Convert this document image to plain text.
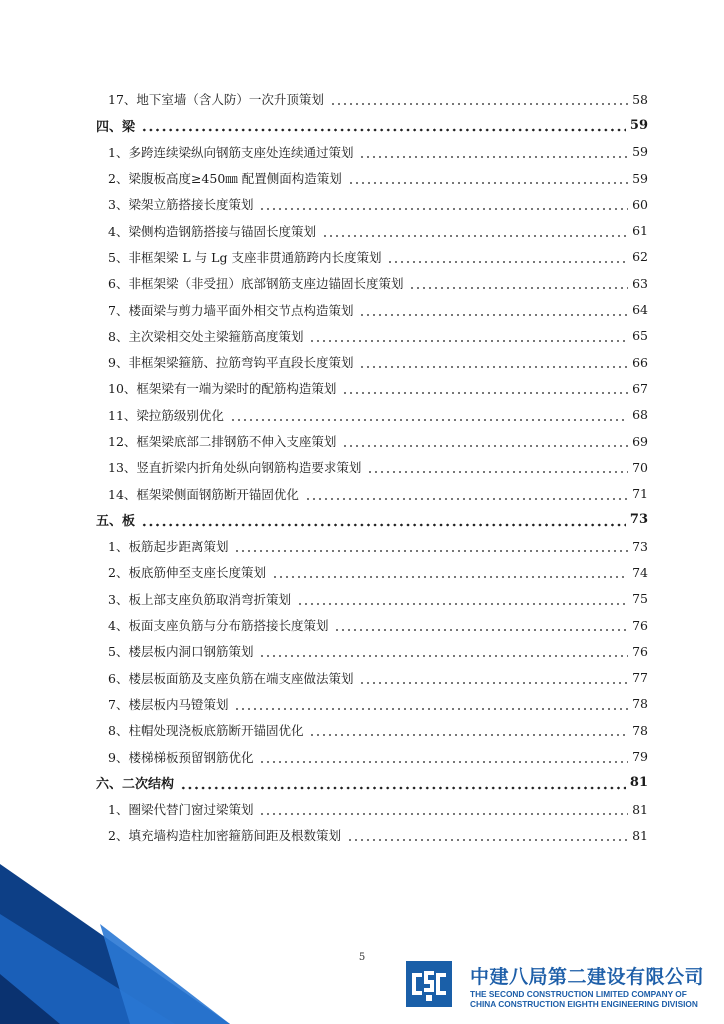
17、地下室墙（含人防）一次升顶策划	58
四、梁	59
1、多跨连续梁纵向钢筋支座处连续通过策划	59
2、梁腹板高度≥450㎜ 配置侧面构造策划	59
3、梁架立筋搭接长度策划	60
4、梁侧构造钢筋搭接与锚固长度策划	61
5、非框架梁 L 与 Lg 支座非贯通筋跨内长度策划	62
6、非框架梁（非受扭）底部钢筋支座边锚固长度策划	63
7、楼面梁与剪力墙平面外相交节点构造策划	64
8、主次梁相交处主梁箍筋高度策划	65
9、非框架梁箍筋、拉筋弯钩平直段长度策划	66
10、框架梁有一端为梁时的配筋构造策划	67
11、梁拉筋级别优化	68
12、框架梁底部二排钢筋不伸入支座策划	69
13、竖直折梁内折角处纵向钢筋构造要求策划	70
14、框架梁侧面钢筋断开锚固优化	71
五、板	73
1、板筋起步距离策划	73
2、板底筋伸至支座长度策划	74
3、板上部支座负筋取消弯折策划	75
4、板面支座负筋与分布筋搭接长度策划	76
5、楼层板内洞口钢筋策划	76
6、楼层板面筋及支座负筋在端支座做法策划	77
7、楼层板内马镫策划	78
8、柱帽处现浇板底筋断开锚固优化	78
9、楼梯梯板预留钢筋优化	79
六、二次结构	81
1、圈梁代替门窗过梁策划	81
2、填充墙构造柱加密箍筋间距及根数策划	81
5
中建八局第二建设有限公司
THE SECOND CONSTRUCTION LIMITED COMPANY OF
CHINA CONSTRUCTION EIGHTH ENGINEERING DIVISION
